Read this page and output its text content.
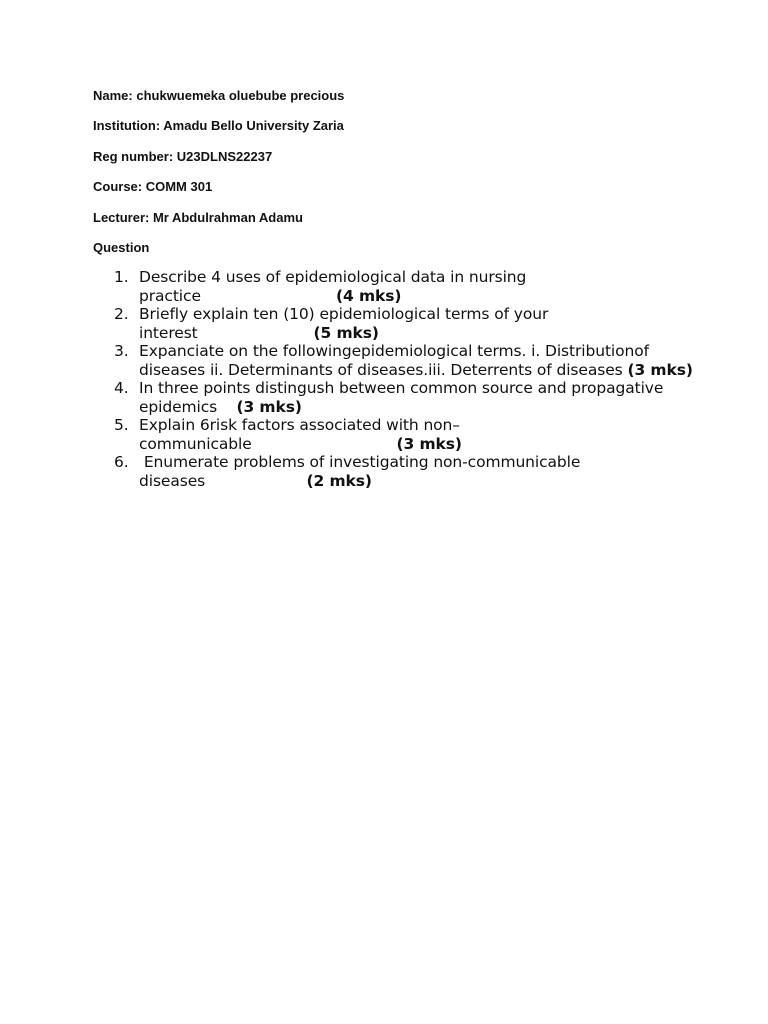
Name: chukwuemeka oluebube precious
Institution: Amadu Bello University Zaria
Reg number: U23DLNS22237
Course: COMM 301
Lecturer: Mr Abdulrahman Adamu
Question
1. Describe 4 uses of epidemiological data in nursing
practice                            (4 mks)
2. Briefly explain ten (10) epidemiological terms of your
interest                        (5 mks)
3. Expanciate on the followingepidemiological terms. i. Distributionof
diseases ii. Determinants of diseases.iii. Deterrents of diseases (3 mks)
4. In three points distingush between common source and propagative
epidemics    (3 mks)
5. Explain 6risk factors associated with non–
communicable                              (3 mks)
6. Enumerate problems of investigating non-communicable
diseases                     (2 mks)
